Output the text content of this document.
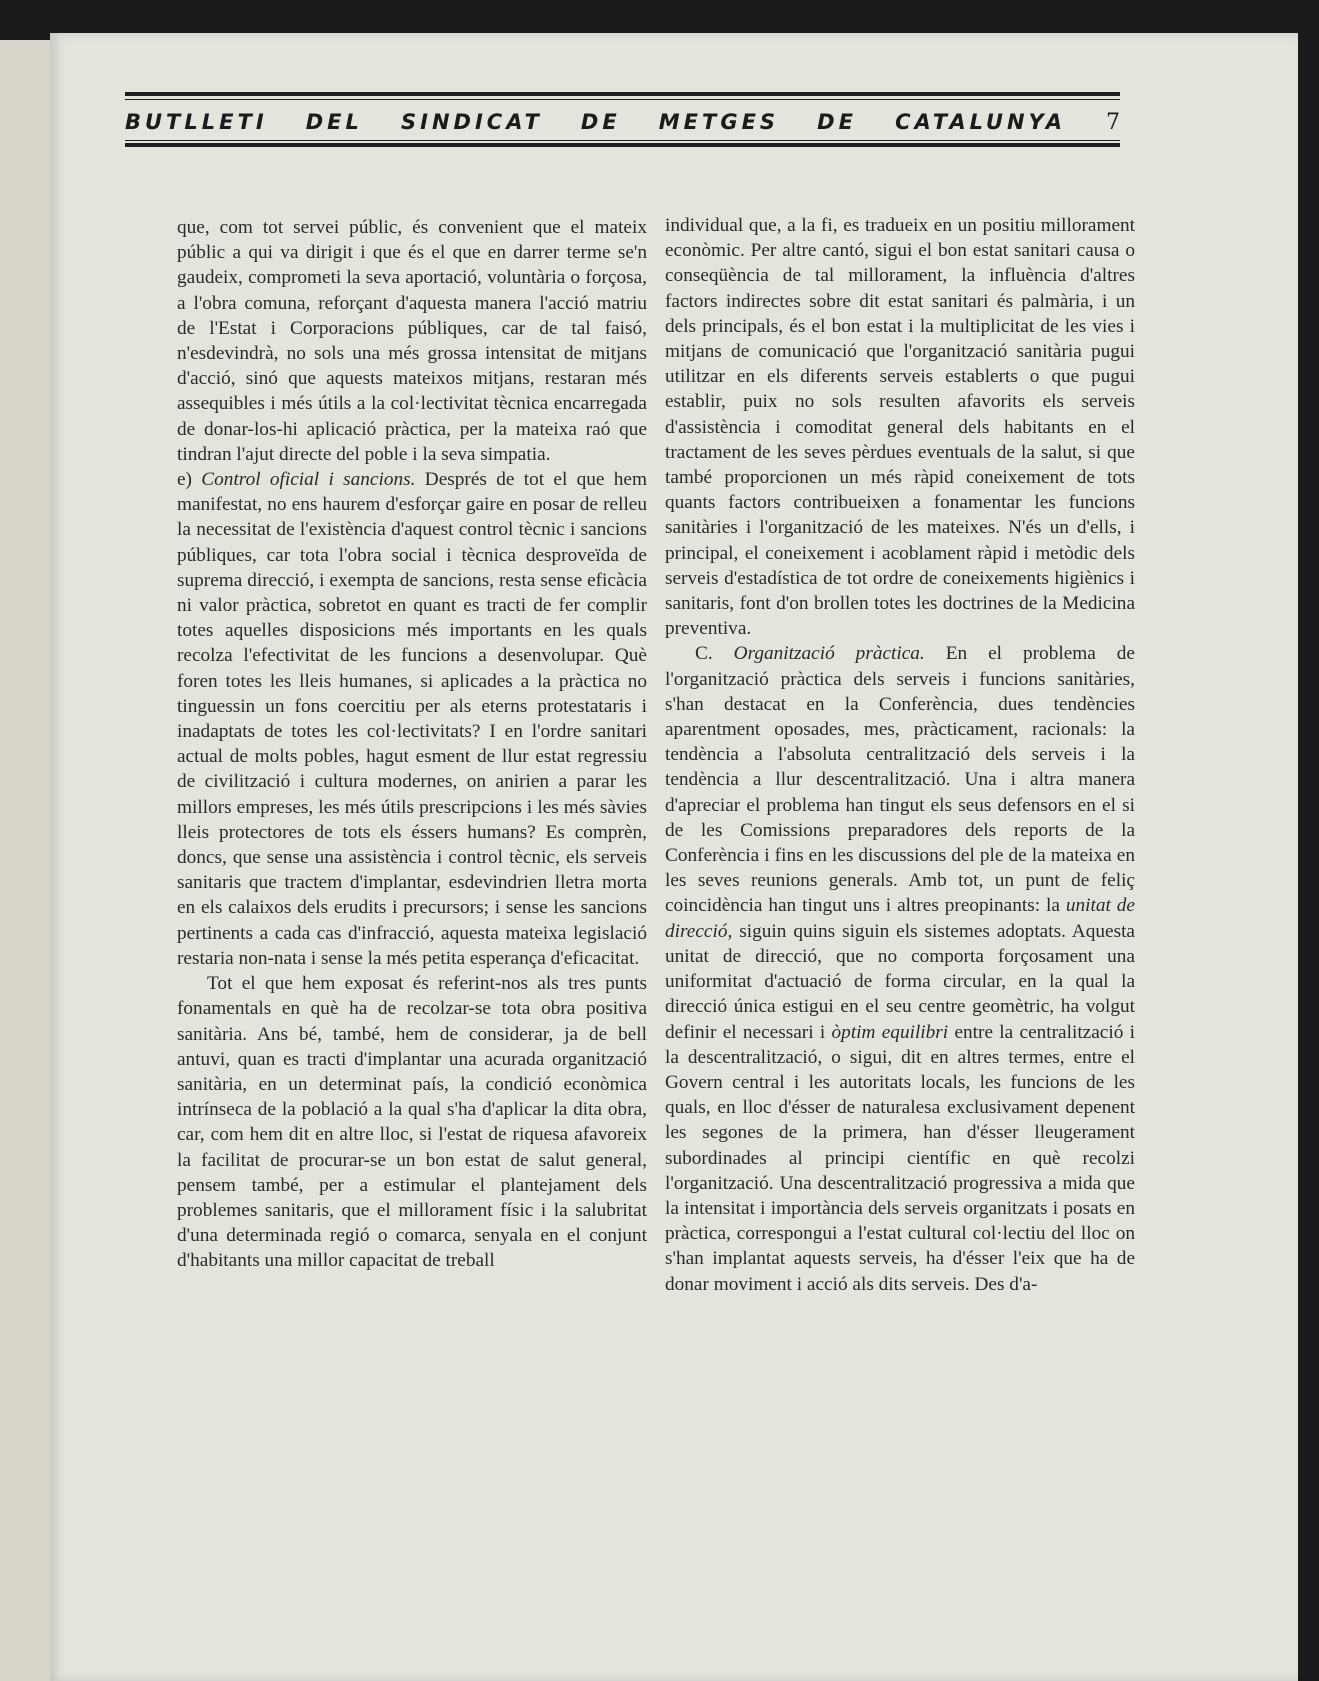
BUTLLETI DEL SINDICAT DE METGES DE CATALUNYA 7

que, com tot servei públic, és convenient que el mateix públic a qui va dirigit i que és el que en darrer terme se'n gaudeix, comprometi la seva aportació, voluntària o forçosa, a l'obra comuna, reforçant d'aquesta manera l'acció matriu de l'Estat i Corporacions públiques, car de tal faisó, n'esdevindrà, no sols una més grossa intensitat de mitjans d'acció, sinó que aquests mateixos mitjans, restaran més assequibles i més útils a la col·lectivitat tècnica encarregada de donar-los-hi aplicació pràctica, per la mateixa raó que tindran l'ajut directe del poble i la seva simpatia.

e) Control oficial i sancions. Després de tot el que hem manifestat, no ens haurem d'esforçar gaire en posar de relleu la necessitat de l'existència d'aquest control tècnic i sancions públiques, car tota l'obra social i tècnica desproveïda de suprema direcció, i exempta de sancions, resta sense eficàcia ni valor pràctica, sobretot en quant es tracti de fer complir totes aquelles disposicions més importants en les quals recolza l'efectivitat de les funcions a desenvolupar. Què foren totes les lleis humanes, si aplicades a la pràctica no tinguessin un fons coercitiu per als eterns protestataris i inadaptats de totes les col·lectivitats? I en l'ordre sanitari actual de molts pobles, hagut esment de llur estat regressiu de civilització i cultura modernes, on anirien a parar les millors empreses, les més útils prescripcions i les més sàvies lleis protectores de tots els éssers humans? Es comprèn, doncs, que sense una assistència i control tècnic, els serveis sanitaris que tractem d'implantar, esdevindrien lletra morta en els calaixos dels erudits i precursors; i sense les sancions pertinents a cada cas d'infracció, aquesta mateixa legislació restaria non-nata i sense la més petita esperança d'eficacitat.

Tot el que hem exposat és referint-nos als tres punts fonamentals en què ha de recolzar-se tota obra positiva sanitària. Ans bé, també, hem de considerar, ja de bell antuvi, quan es tracti d'implantar una acurada organització sanitària, en un determinat país, la condició econòmica intrínseca de la població a la qual s'ha d'aplicar la dita obra, car, com hem dit en altre lloc, si l'estat de riquesa afavoreix la facilitat de procurar-se un bon estat de salut general, pensem també, per a estimular el plantejament dels problemes sanitaris, que el millorament físic i la salubritat d'una determinada regió o comarca, senyala en el conjunt d'habitants una millor capacitat de treball

individual que, a la fi, es tradueix en un positiu millorament econòmic. Per altre cantó, sigui el bon estat sanitari causa o conseqüència de tal millorament, la influència d'altres factors indirectes sobre dit estat sanitari és palmària, i un dels principals, és el bon estat i la multiplicitat de les vies i mitjans de comunicació que l'organització sanitària pugui utilitzar en els diferents serveis establerts o que pugui establir, puix no sols resulten afavorits els serveis d'assistència i comoditat general dels habitants en el tractament de les seves pèrdues eventuals de la salut, si que també proporcionen un més ràpid coneixement de tots quants factors contribueixen a fonamentar les funcions sanitàries i l'organització de les mateixes. N'és un d'ells, i principal, el coneixement i acoblament ràpid i metòdic dels serveis d'estadística de tot ordre de coneixements higiènics i sanitaris, font d'on brollen totes les doctrines de la Medicina preventiva.

C. Organització pràctica. En el problema de l'organització pràctica dels serveis i funcions sanitàries, s'han destacat en la Conferència, dues tendències aparentment oposades, mes, pràcticament, racionals: la tendència a l'absoluta centralització dels serveis i la tendència a llur descentralització. Una i altra manera d'apreciar el problema han tingut els seus defensors en el si de les Comissions preparadores dels reports de la Conferència i fins en les discussions del ple de la mateixa en les seves reunions generals. Amb tot, un punt de feliç coincidència han tingut uns i altres preopinants: la unitat de direcció, siguin quins siguin els sistemes adoptats. Aquesta unitat de direcció, que no comporta forçosament una uniformitat d'actuació de forma circular, en la qual la direcció única estigui en el seu centre geomètric, ha volgut definir el necessari i òptim equilibri entre la centralització i la descentralització, o sigui, dit en altres termes, entre el Govern central i les autoritats locals, les funcions de les quals, en lloc d'ésser de naturalesa exclusivament depenent les segones de la primera, han d'ésser lleugerament subordinades al principi científic en què recolzi l'organització. Una descentralització progressiva a mida que la intensitat i importància dels serveis organitzats i posats en pràctica, correspongui a l'estat cultural col·lectiu del lloc on s'han implantat aquests serveis, ha d'ésser l'eix que ha de donar moviment i acció als dits serveis. Des d'a-
